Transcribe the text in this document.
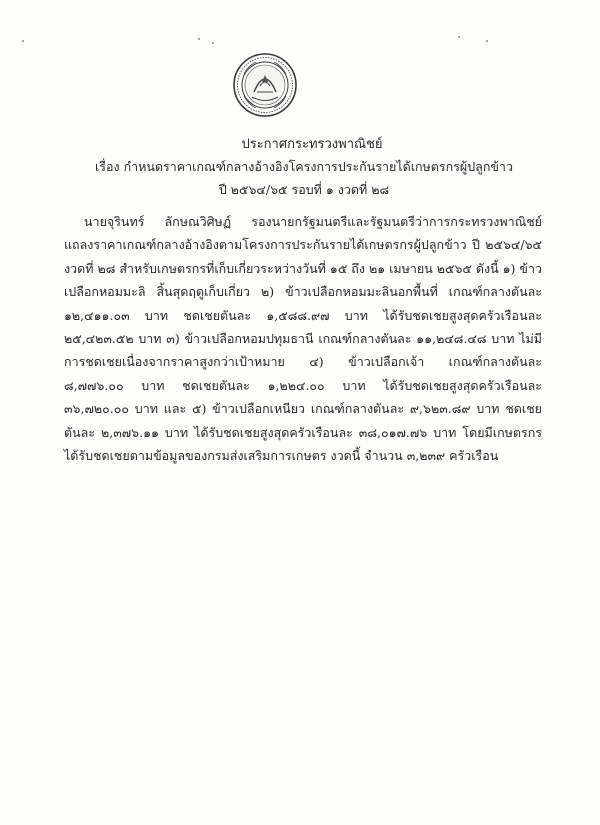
ประกาศกระทรวงพาณิชย์
เรื่อง กำหนดราคาเกณฑ์กลางอ้างอิงโครงการประกันรายได้เกษตรกรผู้ปลูกข้าว
ปี ๒๕๖๔/๖๕ รอบที่ ๑ งวดที่ ๒๘
นายจุรินทร์ ลักษณวิศิษฏ์ รองนายกรัฐมนตรีและรัฐมนตรีว่าการกระทรวงพาณิชย์ แถลงราคาเกณฑ์กลางอ้างอิงตามโครงการประกันรายได้เกษตรกรผู้ปลูกข้าว ปี ๒๕๖๔/๖๕ งวดที่ ๒๘ สำหรับเกษตรกรที่เก็บเกี่ยวระหว่างวันที่ ๑๕ ถึง ๒๑ เมษายน ๒๕๖๕ ดังนี้ ๑) ข้าวเปลือกหอมมะลิ สิ้นสุดฤดูเก็บเกี่ยว ๒) ข้าวเปลือกหอมมะลินอกพื้นที่ เกณฑ์กลางตันละ ๑๒,๔๑๑.๐๓ บาท ชดเชยตันละ ๑,๕๘๘.๙๗ บาท ได้รับชดเชยสูงสุดครัวเรือนละ ๒๕,๔๒๓.๕๒ บาท ๓) ข้าวเปลือกหอมปทุมธานี เกณฑ์กลางตันละ ๑๑,๒๔๘.๔๘ บาท ไม่มีการชดเชยเนื่องจากราคาสูงกว่าเป้าหมาย ๔) ข้าวเปลือกเจ้า เกณฑ์กลางตันละ ๘,๗๗๖.๐๐ บาท ชดเชยตันละ ๑,๒๒๔.๐๐ บาท ได้รับชดเชยสูงสุดครัวเรือนละ ๓๖,๗๒๐.๐๐ บาท และ ๕) ข้าวเปลือกเหนียว เกณฑ์กลางตันละ ๙,๖๒๓.๘๙ บาท ชดเชยตันละ ๒,๓๗๖.๑๑ บาท ได้รับชดเชยสูงสุดครัวเรือนละ ๓๘,๐๑๗.๗๖ บาท โดยมีเกษตรกรได้รับชดเชยตามข้อมูลของกรมส่งเสริมการเกษตร งวดนี้ จำนวน ๓,๒๓๙ ครัวเรือน
